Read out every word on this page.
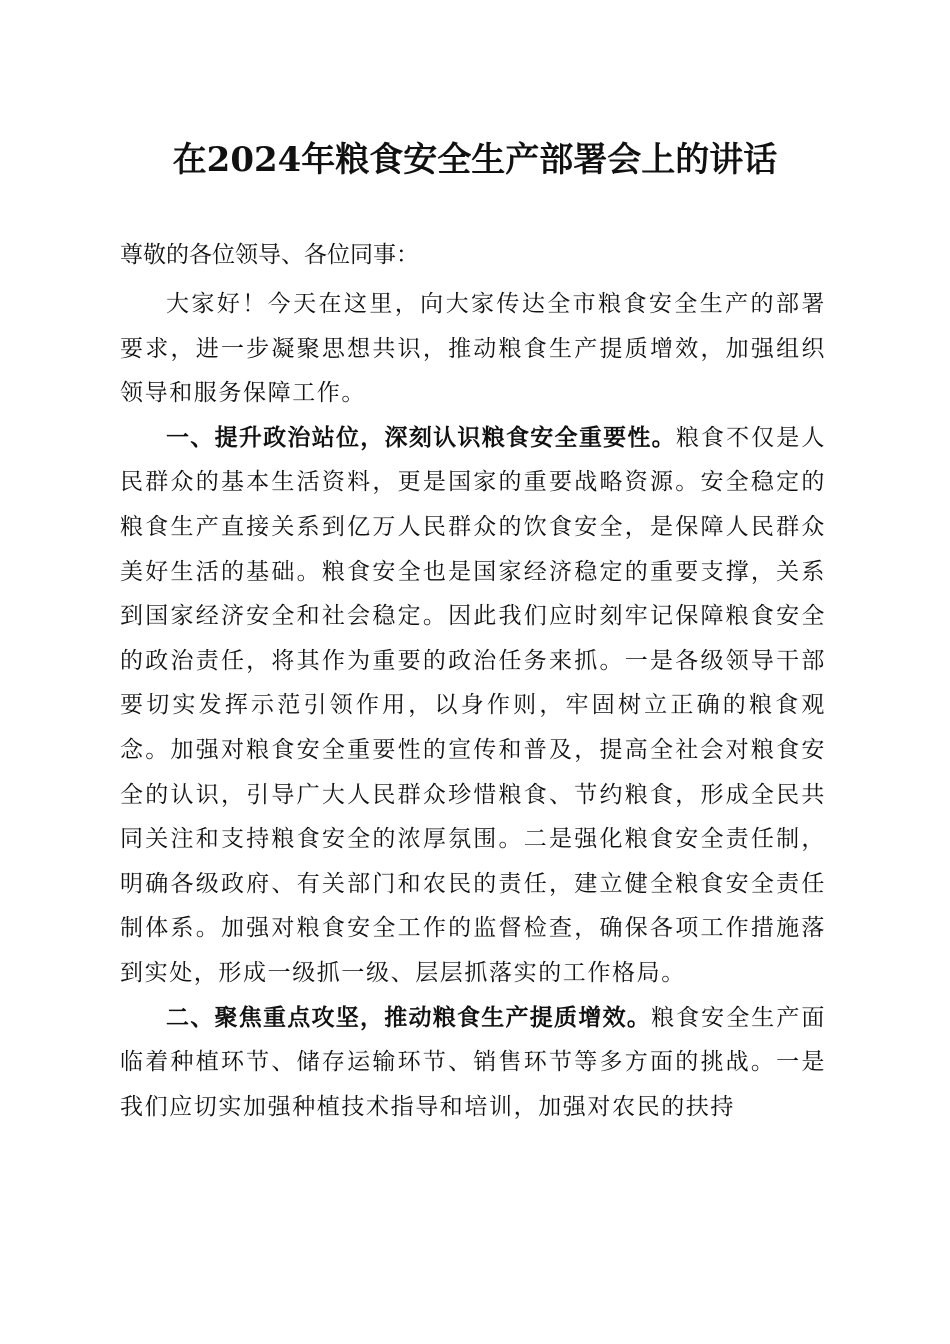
在2024年粮食安全生产部署会上的讲话

尊敬的各位领导、各位同事：

大家好！今天在这里，向大家传达全市粮食安全生产的部署要求，进一步凝聚思想共识，推动粮食生产提质增效，加强组织领导和服务保障工作。

一、提升政治站位，深刻认识粮食安全重要性。粮食不仅是人民群众的基本生活资料，更是国家的重要战略资源。安全稳定的粮食生产直接关系到亿万人民群众的饮食安全，是保障人民群众美好生活的基础。粮食安全也是国家经济稳定的重要支撑，关系到国家经济安全和社会稳定。因此我们应时刻牢记保障粮食安全的政治责任，将其作为重要的政治任务来抓。一是各级领导干部要切实发挥示范引领作用，以身作则，牢固树立正确的粮食观念。加强对粮食安全重要性的宣传和普及，提高全社会对粮食安全的认识，引导广大人民群众珍惜粮食、节约粮食，形成全民共同关注和支持粮食安全的浓厚氛围。二是强化粮食安全责任制，明确各级政府、有关部门和农民的责任，建立健全粮食安全责任制体系。加强对粮食安全工作的监督检查，确保各项工作措施落到实处，形成一级抓一级、层层抓落实的工作格局。

二、聚焦重点攻坚，推动粮食生产提质增效。粮食安全生产面临着种植环节、储存运输环节、销售环节等多方面的挑战。一是我们应切实加强种植技术指导和培训，加强对农民的扶持
